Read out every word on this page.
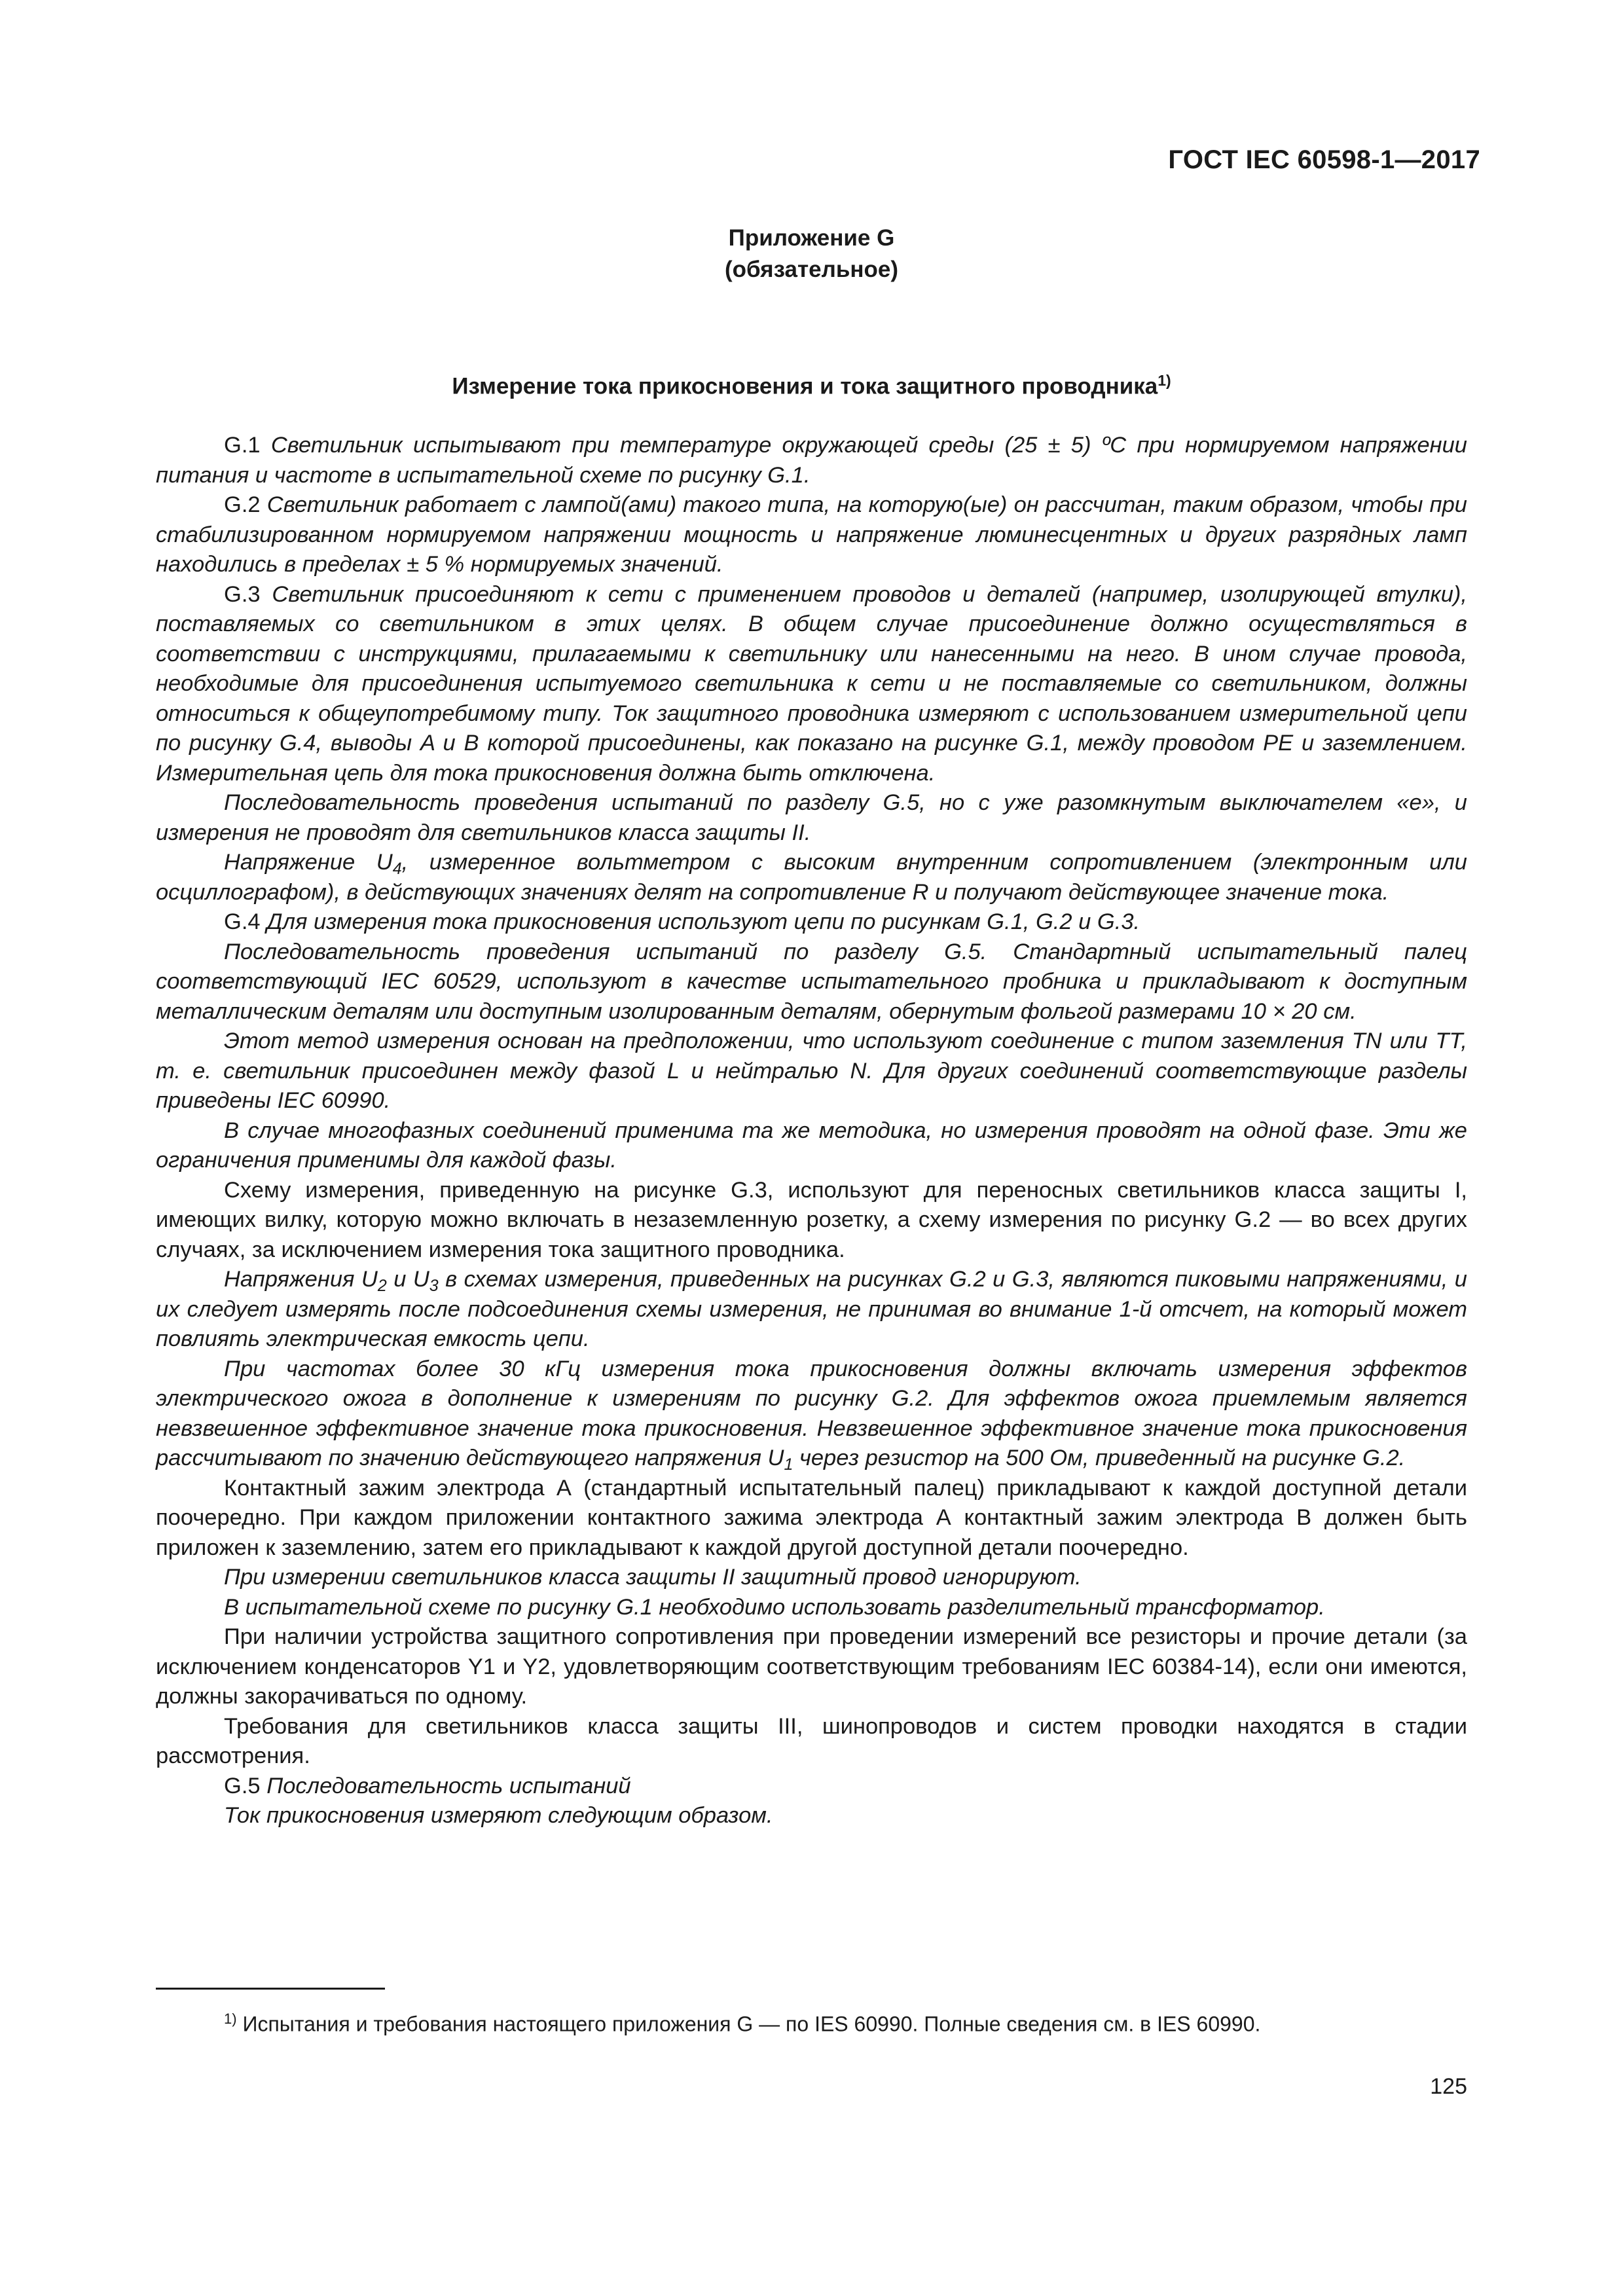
ГОСТ IEC 60598-1—2017
Приложение G
(обязательное)
Измерение тока прикосновения и тока защитного проводника$^{1)}$

G.1 Светильник испытывают при температуре окружающей среды (25 ± 5) ºС при нормируемом напряжении питания и частоте в испытательной схеме по рисунку G.1.

G.2 Светильник работает с лампой(ами) такого типа, на которую(ые) он рассчитан, таким образом, чтобы при стабилизированном нормируемом напряжении мощность и напряжение люминесцентных и других разрядных ламп находились в пределах ± 5 % нормируемых значений.

G.3 Светильник присоединяют к сети с применением проводов и деталей (например, изолирующей втулки), поставляемых со светильником в этих целях. В общем случае присоединение должно осуществляться в соответствии с инструкциями, прилагаемыми к светильнику или нанесенными на него. В ином случае провода, необходимые для присоединения испытуемого светильника к сети и не поставляемые со светильником, должны относиться к общеупотребимому типу. Ток защитного проводника измеряют с использованием измерительной цепи по рисунку G.4, выводы A и B которой присоединены, как показано на рисунке G.1, между проводом PE и заземлением. Измерительная цепь для тока прикосновения должна быть отключена.

Последовательность проведения испытаний по разделу G.5, но с уже разомкнутым выключателем «е», и измерения не проводят для светильников класса защиты II.

Напряжение $U_4$, измеренное вольтметром с высоким внутренним сопротивлением (электронным или осциллографом), в действующих значениях делят на сопротивление R и получают действующее значение тока.

G.4 Для измерения тока прикосновения используют цепи по рисункам G.1, G.2 и G.3.

Последовательность проведения испытаний по разделу G.5. Стандартный испытательный палец соответствующий IEC 60529, используют в качестве испытательного пробника и прикладывают к доступным металлическим деталям или доступным изолированным деталям, обернутым фольгой размерами 10 × 20 см.

Этот метод измерения основан на предположении, что используют соединение с типом заземления TN или TT, т. е. светильник присоединен между фазой L и нейтралью N. Для других соединений соответствующие разделы приведены IEC 60990.

В случае многофазных соединений применима та же методика, но измерения проводят на одной фазе. Эти же ограничения применимы для каждой фазы.

Схему измерения, приведенную на рисунке G.3, используют для переносных светильников класса защиты I, имеющих вилку, которую можно включать в незаземленную розетку, а схему измерения по рисунку G.2 — во всех других случаях, за исключением измерения тока защитного проводника.

Напряжения $U_2$ и $U_3$ в схемах измерения, приведенных на рисунках G.2 и G.3, являются пиковыми напряжениями, и их следует измерять после подсоединения схемы измерения, не принимая во внимание 1-й отсчет, на который может повлиять электрическая емкость цепи.

При частотах более 30 кГц измерения тока прикосновения должны включать измерения эффектов электрического ожога в дополнение к измерениям по рисунку G.2. Для эффектов ожога приемлемым является невзвешенное эффективное значение тока прикосновения. Невзвешенное эффективное значение тока прикосновения рассчитывают по значению действующего напряжения $U_1$ через резистор на 500 Ом, приведенный на рисунке G.2.

Контактный зажим электрода А (стандартный испытательный палец) прикладывают к каждой доступной детали поочередно. При каждом приложении контактного зажима электрода А контактный зажим электрода В должен быть приложен к заземлению, затем его прикладывают к каждой другой доступной детали поочередно.

При измерении светильников класса защиты II защитный провод игнорируют.

В испытательной схеме по рисунку G.1 необходимо использовать разделительный трансформатор.

При наличии устройства защитного сопротивления при проведении измерений все резисторы и прочие детали (за исключением конденсаторов Y1 и Y2, удовлетворяющим соответствующим требованиям IEC 60384-14), если они имеются, должны закорачиваться по одному.

Требования для светильников класса защиты III, шинопроводов и систем проводки находятся в стадии рассмотрения.

G.5 Последовательность испытаний

Ток прикосновения измеряют следующим образом.

$^{1)}$ Испытания и требования настоящего приложения G — по IES 60990. Полные сведения см. в IES 60990.
125
